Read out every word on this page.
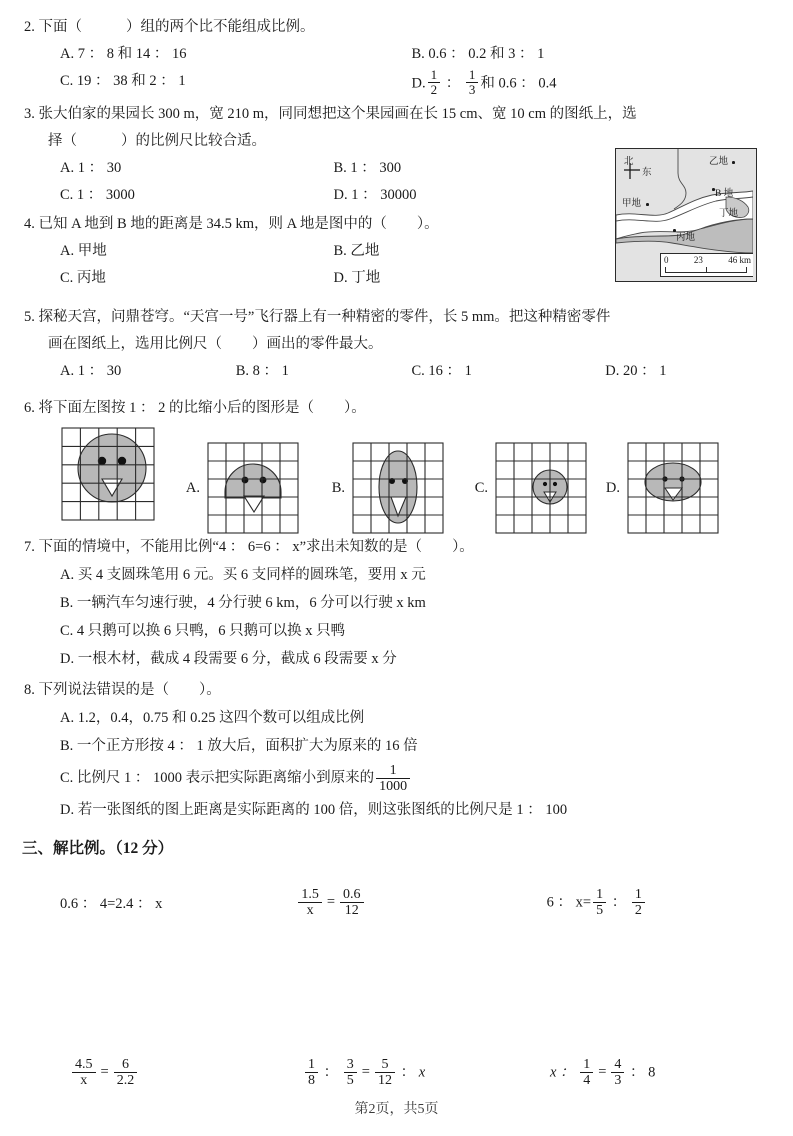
2. 下面（	）组的两个比不能组成比例。
A. 7 ： 8 和 14 ： 16	B. 0.6 ： 0.2 和 3 ： 1
C. 19 ： 38 和 2 ： 1	D. $\frac{1}{2}$ ： $\frac{1}{3}$ 和 0.6 ： 0.4
3. 张大伯家的果园长 300 m，宽 210 m，同同想把这个果园画在长 15 cm、宽 10 cm 的图纸上，选
择（	）的比例尺比较合适。
A. 1 ： 30	B. 1 ： 300
C. 1 ： 3000	D. 1 ： 30000
4. 已知 A 地到 B 地的距离是 34.5 km，则 A 地是图中的（ ）。
A. 甲地	B. 乙地
C. 丙地	D. 丁地
5. 探秘天宫，问鼎苍穹。“天宫一号”飞行器上有一种精密的零件，长 5 mm。把这种精密零件
画在图纸上，选用比例尺（ ）画出的零件最大。
A. 1 ： 30	B. 8 ： 1	C. 16 ： 1	D. 20 ： 1
6. 将下面左图按 1 ： 2 的比缩小后的图形是（ ）。
A.	B.	C.	D.
7. 下面的情境中，不能用比例“4 ： 6=6 ： x”求出未知数的是（ ）。
A. 买 4 支圆珠笔用 6 元。买 6 支同样的圆珠笔，要用 x 元
B. 一辆汽车匀速行驶，4 分行驶 6 km，6 分可以行驶 x km
C. 4 只鹅可以换 6 只鸭，6 只鹅可以换 x 只鸭
D. 一根木材，截成 4 段需要 6 分，截成 6 段需要 x 分
8. 下列说法错误的是（ ）。
A. 1.2，0.4，0.75 和 0.25 这四个数可以组成比例
B. 一个正方形按 4 ： 1 放大后，面积扩大为原来的 16 倍
C. 比例尺 1 ： 1000 表示把实际距离缩小到原来的 $\frac{1}{1000}$
D. 若一张图纸的图上距离是实际距离的 100 倍，则这张图纸的比例尺是 1 ： 100
三、解比例。（12 分）
0.6 ： 4=2.4 ： x	$\frac{1.5}{x} = \frac{0.6}{12}$	6 ： $x= \frac{1}{5}$ ： $\frac{1}{2}$
$\frac{4.5}{x} = \frac{6}{2.2}$	$\frac{1}{8}$ ： $\frac{3}{5} = \frac{5}{12}$ ： x	x ： $\frac{1}{4} = \frac{4}{3}$ ： 8
北
东
甲地
乙地
B 地
丁地
丙地
0	23	46 km
第2页，共5页
